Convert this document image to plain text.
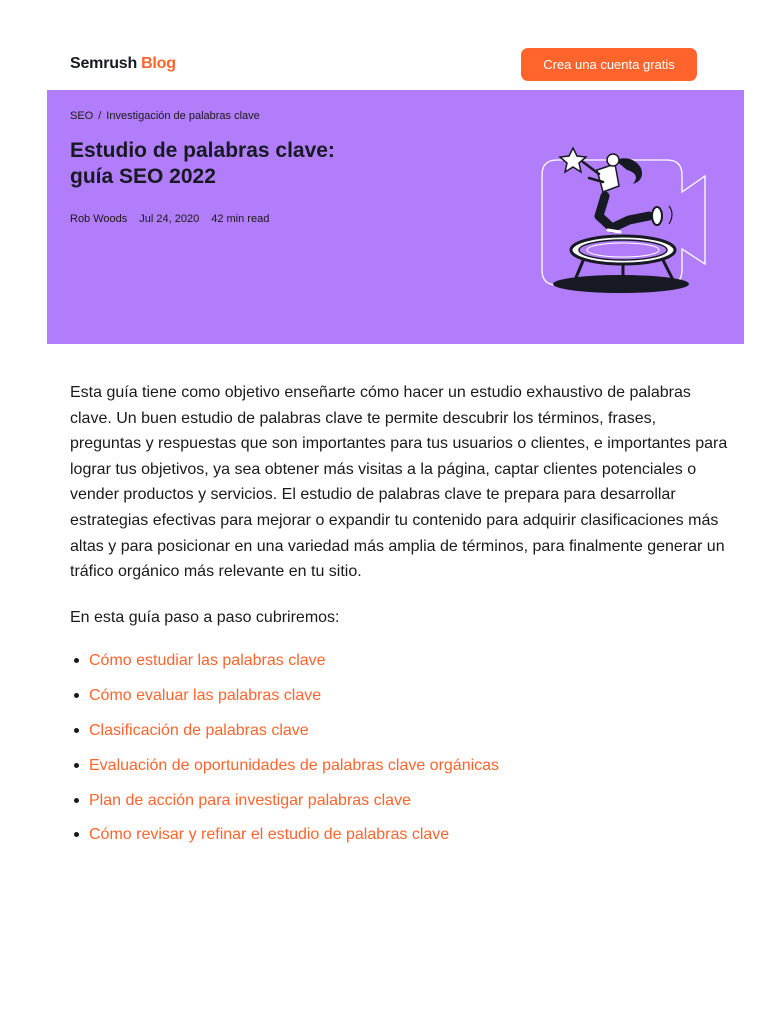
Semrush Blog	Crea una cuenta gratis
SEO / Investigación de palabras clave
Estudio de palabras clave: guía SEO 2022
Rob Woods Jul 24, 2020 42 min read

Esta guía tiene como objetivo enseñarte cómo hacer un estudio exhaustivo de palabras clave. Un buen estudio de palabras clave te permite descubrir los términos, frases, preguntas y respuestas que son importantes para tus usuarios o clientes, e importantes para lograr tus objetivos, ya sea obtener más visitas a la página, captar clientes potenciales o vender productos y servicios. El estudio de palabras clave te prepara para desarrollar estrategias efectivas para mejorar o expandir tu contenido para adquirir clasificaciones más altas y para posicionar en una variedad más amplia de términos, para finalmente generar un tráfico orgánico más relevante en tu sitio.

En esta guía paso a paso cubriremos:

Cómo estudiar las palabras clave
Cómo evaluar las palabras clave
Clasificación de palabras clave
Evaluación de oportunidades de palabras clave orgánicas
Plan de acción para investigar palabras clave
Cómo revisar y refinar el estudio de palabras clave
